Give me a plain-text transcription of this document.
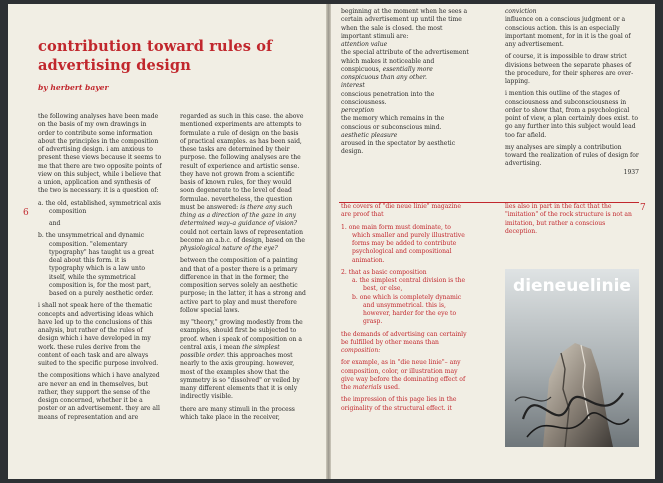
contribution toward rules of advertising design
by herbert bayer
6

the following analyses have been made on the basis of my own drawings in order to contribute some information about the principles in the composition of advertising design. i am anxious to present these views because it seems to me that there are two opposite points of view on this subject, while i believe that a union, application and synthesis of the two is necessary. it is a question of:

a. the old, established, symmetrical axis composition

and

b. the unsymmetrical and dynamic composition. "elementary typography" has taught us a great deal about this form. it is typography which is a law unto itself, while the symmetrical composition is, for the most part, based on a purely aesthetic order.

i shall not speak here of the thematic concepts and advertising ideas which have led up to the conclusions of this analysis, but rather of the rules of design which i have developed in my work. these rules derive from the content of each task and are always suited to the specific purpose involved.

the compositions which i have analyzed are never an end in themselves, but rather, they support the sense of the design concerned, whether it be a poster or an advertisement. they are all means of representation and are

regarded as such in this case. the above mentioned experiments are attempts to formulate a rule of design on the basis of practical examples. as has been said, these tasks are determined by their purpose. the following analyses are the result of experience and artistic sense. they have not grown from a scientific basis of known rules, for they would soon degenerate to the level of dead formulae. nevertheless, the question must be answered: is there any such thing as a direction of the gaze in any determined way–a guidance of vision? could not certain laws of representation become an a.b.c. of design, based on the physiological nature of the eye?

between the composition of a painting and that of a poster there is a primary difference in that in the former, the composition serves solely an aesthetic purpose; in the latter, it has a strong and active part to play and must therefore follow special laws.

my "theory," growing modestly from the examples, should first be subjected to proof. when i speak of composition on a central axis, i mean the simplest possible order. this approaches most nearly to the axis grouping. however, most of the examples show that the symmetry is so "dissolved" or veiled by many different elements that it is only indirectly visible.

there are many stimuli in the process which take place in the receiver,

beginning at the moment when he sees a certain advertisement up until the time when the sale is closed. the most important stimuli are:

attention value

the special attribute of the advertisement which makes it noticeable and conspicuous, essentially more conspicuous than any other.

interest

conscious penetration into the consciousness.

perception

the memory which remains in the conscious or subconscious mind.

aesthetic pleasure

aroused in the spectator by aesthetic design.

conviction

influence on a conscious judgment or a conscious action. this is an especially important moment, for in it is the goal of any advertisement.

of course, it is impossible to draw strict divisions between the separate phases of the procedure, for their spheres are over-lapping.

i mention this outline of the stages of consciousness and subconsciousness in order to show that, from a psychological point of view, a plan certainly does exist. to go any further into this subject would lead too far afield.

my analyses are simply a contribution toward the realization of rules of design for advertising.

1937
7

the covers of "die neue linie" magazine are proof that

1. one main form must dominate, to which smaller and purely illustrative forms may be added to contribute psychological and compositional animation.

2. that as basic composition

a. the simplest central division is the best, or else,

b. one which is completely dynamic and unsymmetrical. this is, however, harder for the eye to grasp.

the demands of advertising can certainly be fulfilled by other means than composition:

for example, as in "die neue linie"– any composition, color, or illustration may give way before the dominating effect of the materials used.

the impression of this page lies in the originality of the structural effect. it

lies also in part in the fact that the "imitation" of the rock structure is not an imitation, but rather a conscious deception.

dieneuelinie
